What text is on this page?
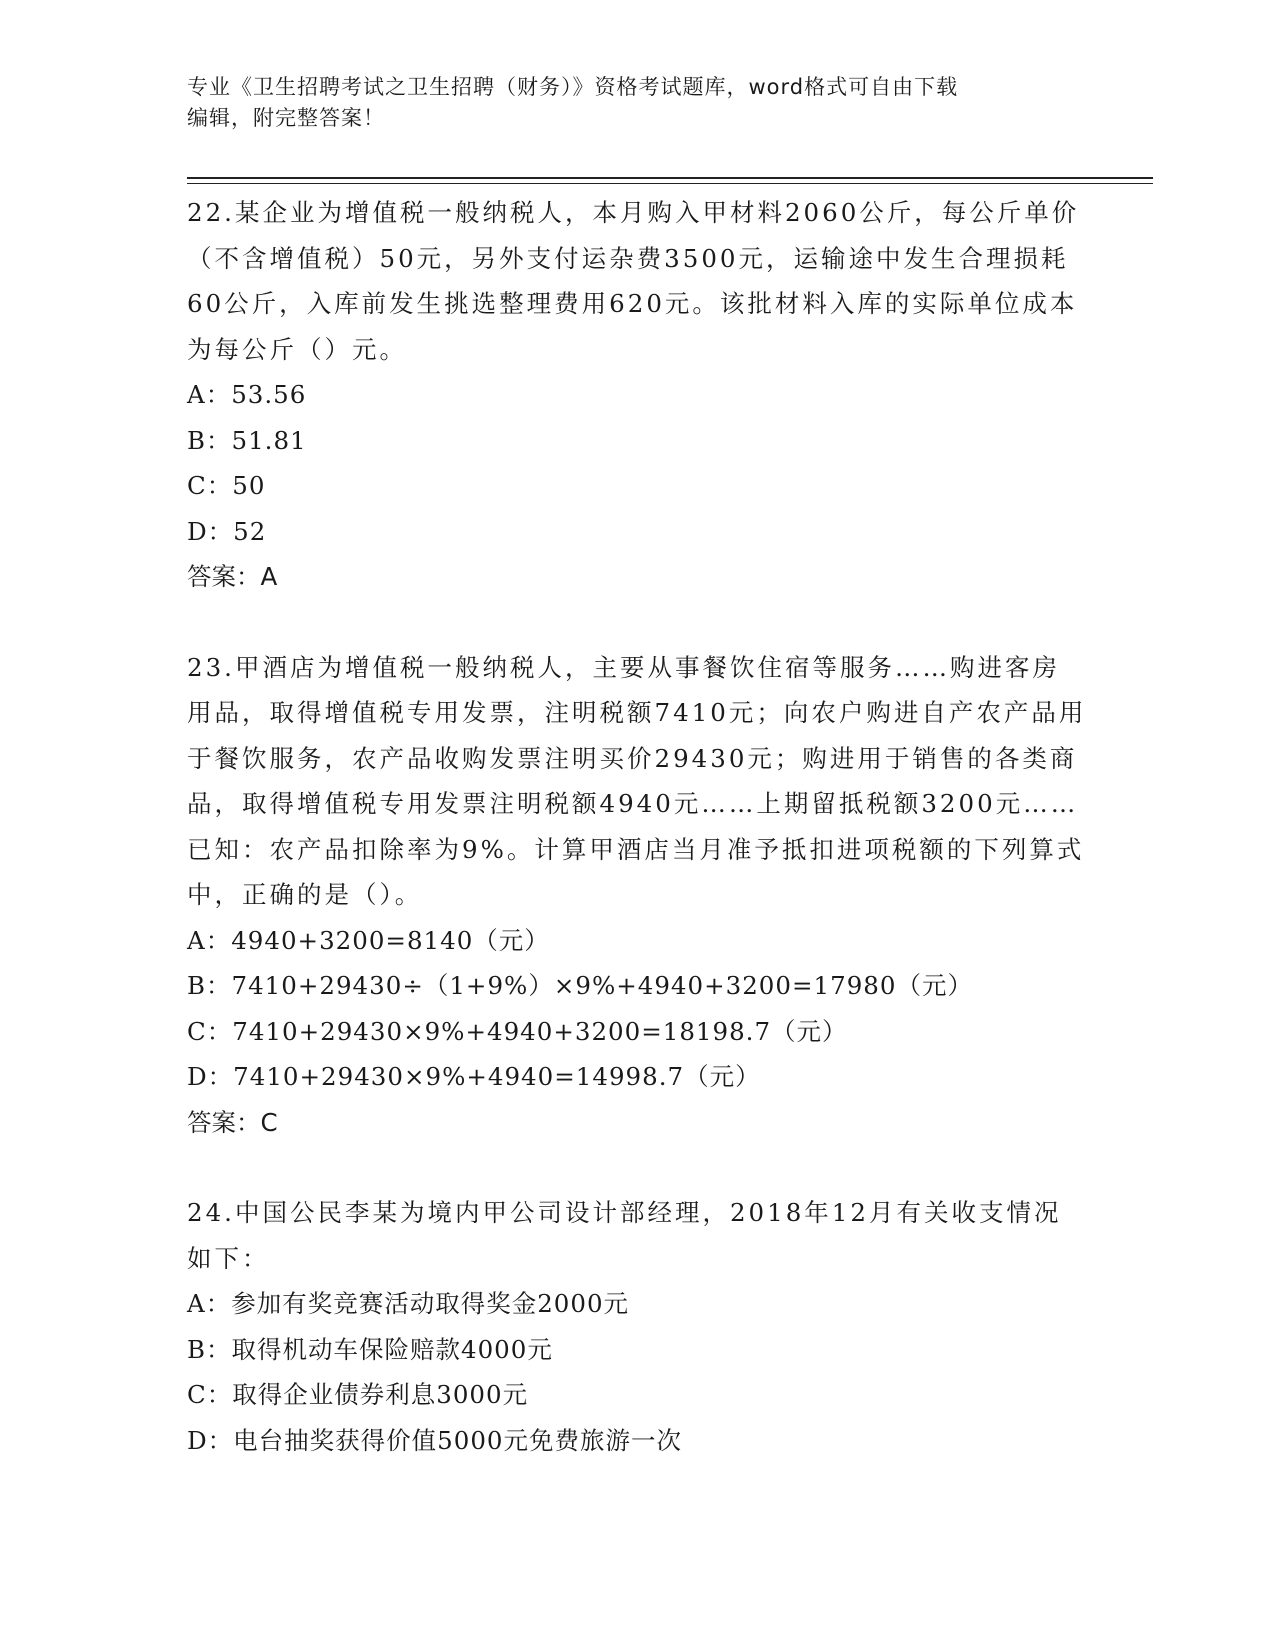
专业《卫生招聘考试之卫生招聘（财务）》资格考试题库，word格式可自由下载
编辑，附完整答案！
22.某企业为增值税一般纳税人，本月购入甲材料2060公斤，每公斤单价（不含增值税）50元，另外支付运杂费3500元，运输途中发生合理损耗60公斤，入库前发生挑选整理费用620元。该批材料入库的实际单位成本为每公斤（）元。
A：53.56
B：51.81
C：50
D：52
答案：A
23.甲酒店为增值税一般纳税人，主要从事餐饮住宿等服务……购进客房用品，取得增值税专用发票，注明税额7410元；向农户购进自产农产品用于餐饮服务，农产品收购发票注明买价29430元；购进用于销售的各类商品，取得增值税专用发票注明税额4940元……上期留抵税额3200元……已知：农产品扣除率为9%。计算甲酒店当月准予抵扣进项税额的下列算式中，正确的是（）。
A：4940+3200=8140（元）
B：7410+29430÷（1+9%）×9%+4940+3200=17980（元）
C：7410+29430×9%+4940+3200=18198.7（元）
D：7410+29430×9%+4940=14998.7（元）
答案：C
24.中国公民李某为境内甲公司设计部经理，2018年12月有关收支情况如下：
A：参加有奖竞赛活动取得奖金2000元
B：取得机动车保险赔款4000元
C：取得企业债券利息3000元
D：电台抽奖获得价值5000元免费旅游一次
